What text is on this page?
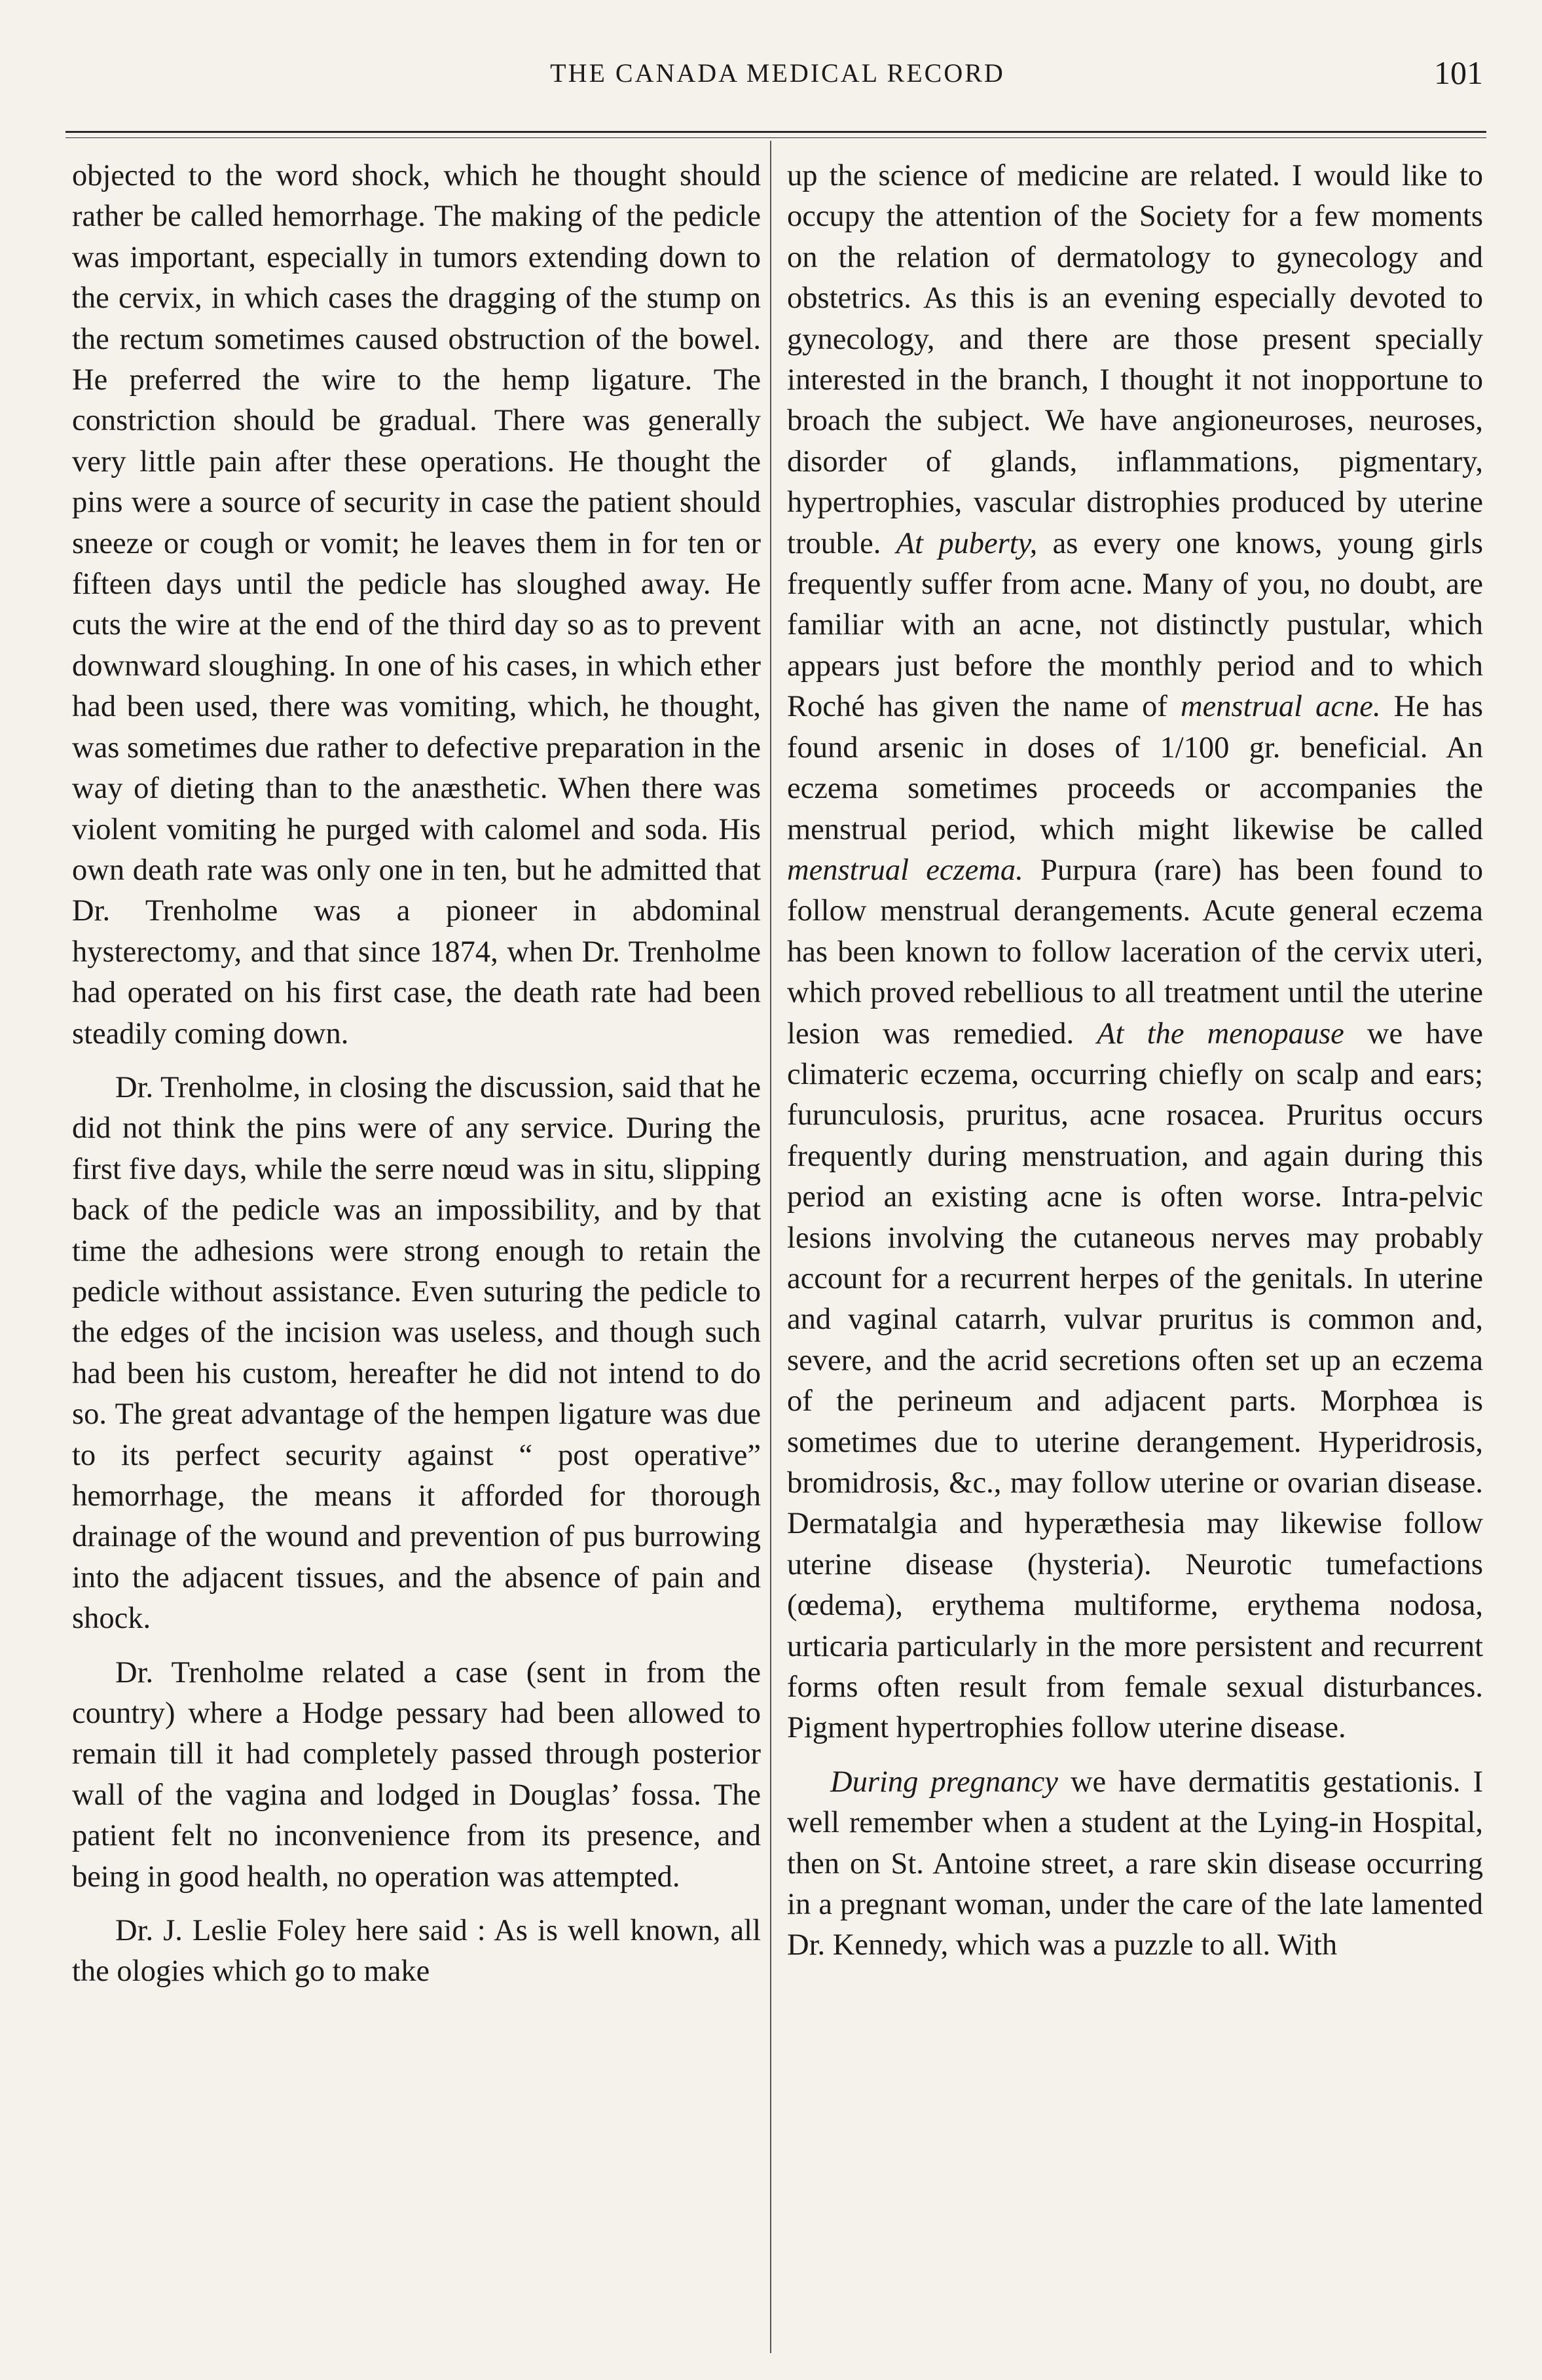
THE CANADA MEDICAL RECORD	101

objected to the word shock, which he thought should rather be called hemorrhage. The making of the pedicle was important, especially in tumors extending down to the cervix, in which cases the dragging of the stump on the rectum sometimes caused obstruction of the bowel. He preferred the wire to the hemp ligature. The constriction should be gradual. There was generally very little pain after these operations. He thought the pins were a source of security in case the patient should sneeze or cough or vomit; he leaves them in for ten or fifteen days until the pedicle has sloughed away. He cuts the wire at the end of the third day so as to prevent downward sloughing. In one of his cases, in which ether had been used, there was vomiting, which, he thought, was sometimes due rather to defective preparation in the way of dieting than to the anæsthetic. When there was violent vomiting he purged with calomel and soda. His own death rate was only one in ten, but he admitted that Dr. Trenholme was a pioneer in abdominal hysterectomy, and that since 1874, when Dr. Trenholme had operated on his first case, the death rate had been steadily coming down.

Dr. Trenholme, in closing the discussion, said that he did not think the pins were of any service. During the first five days, while the serre nœud was in situ, slipping back of the pedicle was an impossibility, and by that time the adhesions were strong enough to retain the pedicle without assistance. Even suturing the pedicle to the edges of the incision was useless, and though such had been his custom, hereafter he did not intend to do so. The great advantage of the hempen ligature was due to its perfect security against “ post operative” hemorrhage, the means it afforded for thorough drainage of the wound and prevention of pus burrowing into the adjacent tissues, and the absence of pain and shock.

Dr. Trenholme related a case (sent in from the country) where a Hodge pessary had been allowed to remain till it had completely passed through posterior wall of the vagina and lodged in Douglas’ fossa. The patient felt no inconvenience from its presence, and being in good health, no operation was attempted.

Dr. J. Leslie Foley here said : As is well known, all the ologies which go to make

up the science of medicine are related. I would like to occupy the attention of the Society for a few moments on the relation of dermatology to gynecology and obstetrics. As this is an evening especially devoted to gynecology, and there are those present specially interested in the branch, I thought it not inopportune to broach the subject. We have angioneuroses, neuroses, disorder of glands, inflammations, pigmentary, hypertrophies, vascular distrophies produced by uterine trouble. At puberty, as every one knows, young girls frequently suffer from acne. Many of you, no doubt, are familiar with an acne, not distinctly pustular, which appears just before the monthly period and to which Roché has given the name of menstrual acne. He has found arsenic in doses of 1/100 gr. beneficial. An eczema sometimes proceeds or accompanies the menstrual period, which might likewise be called menstrual eczema. Purpura (rare) has been found to follow menstrual derangements. Acute general eczema has been known to follow laceration of the cervix uteri, which proved rebellious to all treatment until the uterine lesion was remedied. At the menopause we have climateric eczema, occurring chiefly on scalp and ears; furunculosis, pruritus, acne rosacea. Pruritus occurs frequently during menstruation, and again during this period an existing acne is often worse. Intra-pelvic lesions involving the cutaneous nerves may probably account for a recurrent herpes of the genitals. In uterine and vaginal catarrh, vulvar pruritus is common and, severe, and the acrid secretions often set up an eczema of the perineum and adjacent parts. Morphœa is sometimes due to uterine derangement. Hyperidrosis, bromidrosis, &c., may follow uterine or ovarian disease. Dermatalgia and hyperæthesia may likewise follow uterine disease (hysteria). Neurotic tumefactions (œdema), erythema multiforme, erythema nodosa, urticaria particularly in the more persistent and recurrent forms often result from female sexual disturbances. Pigment hypertrophies follow uterine disease.

During pregnancy we have dermatitis gestationis. I well remember when a student at the Lying-in Hospital, then on St. Antoine street, a rare skin disease occurring in a pregnant woman, under the care of the late lamented Dr. Kennedy, which was a puzzle to all. With
